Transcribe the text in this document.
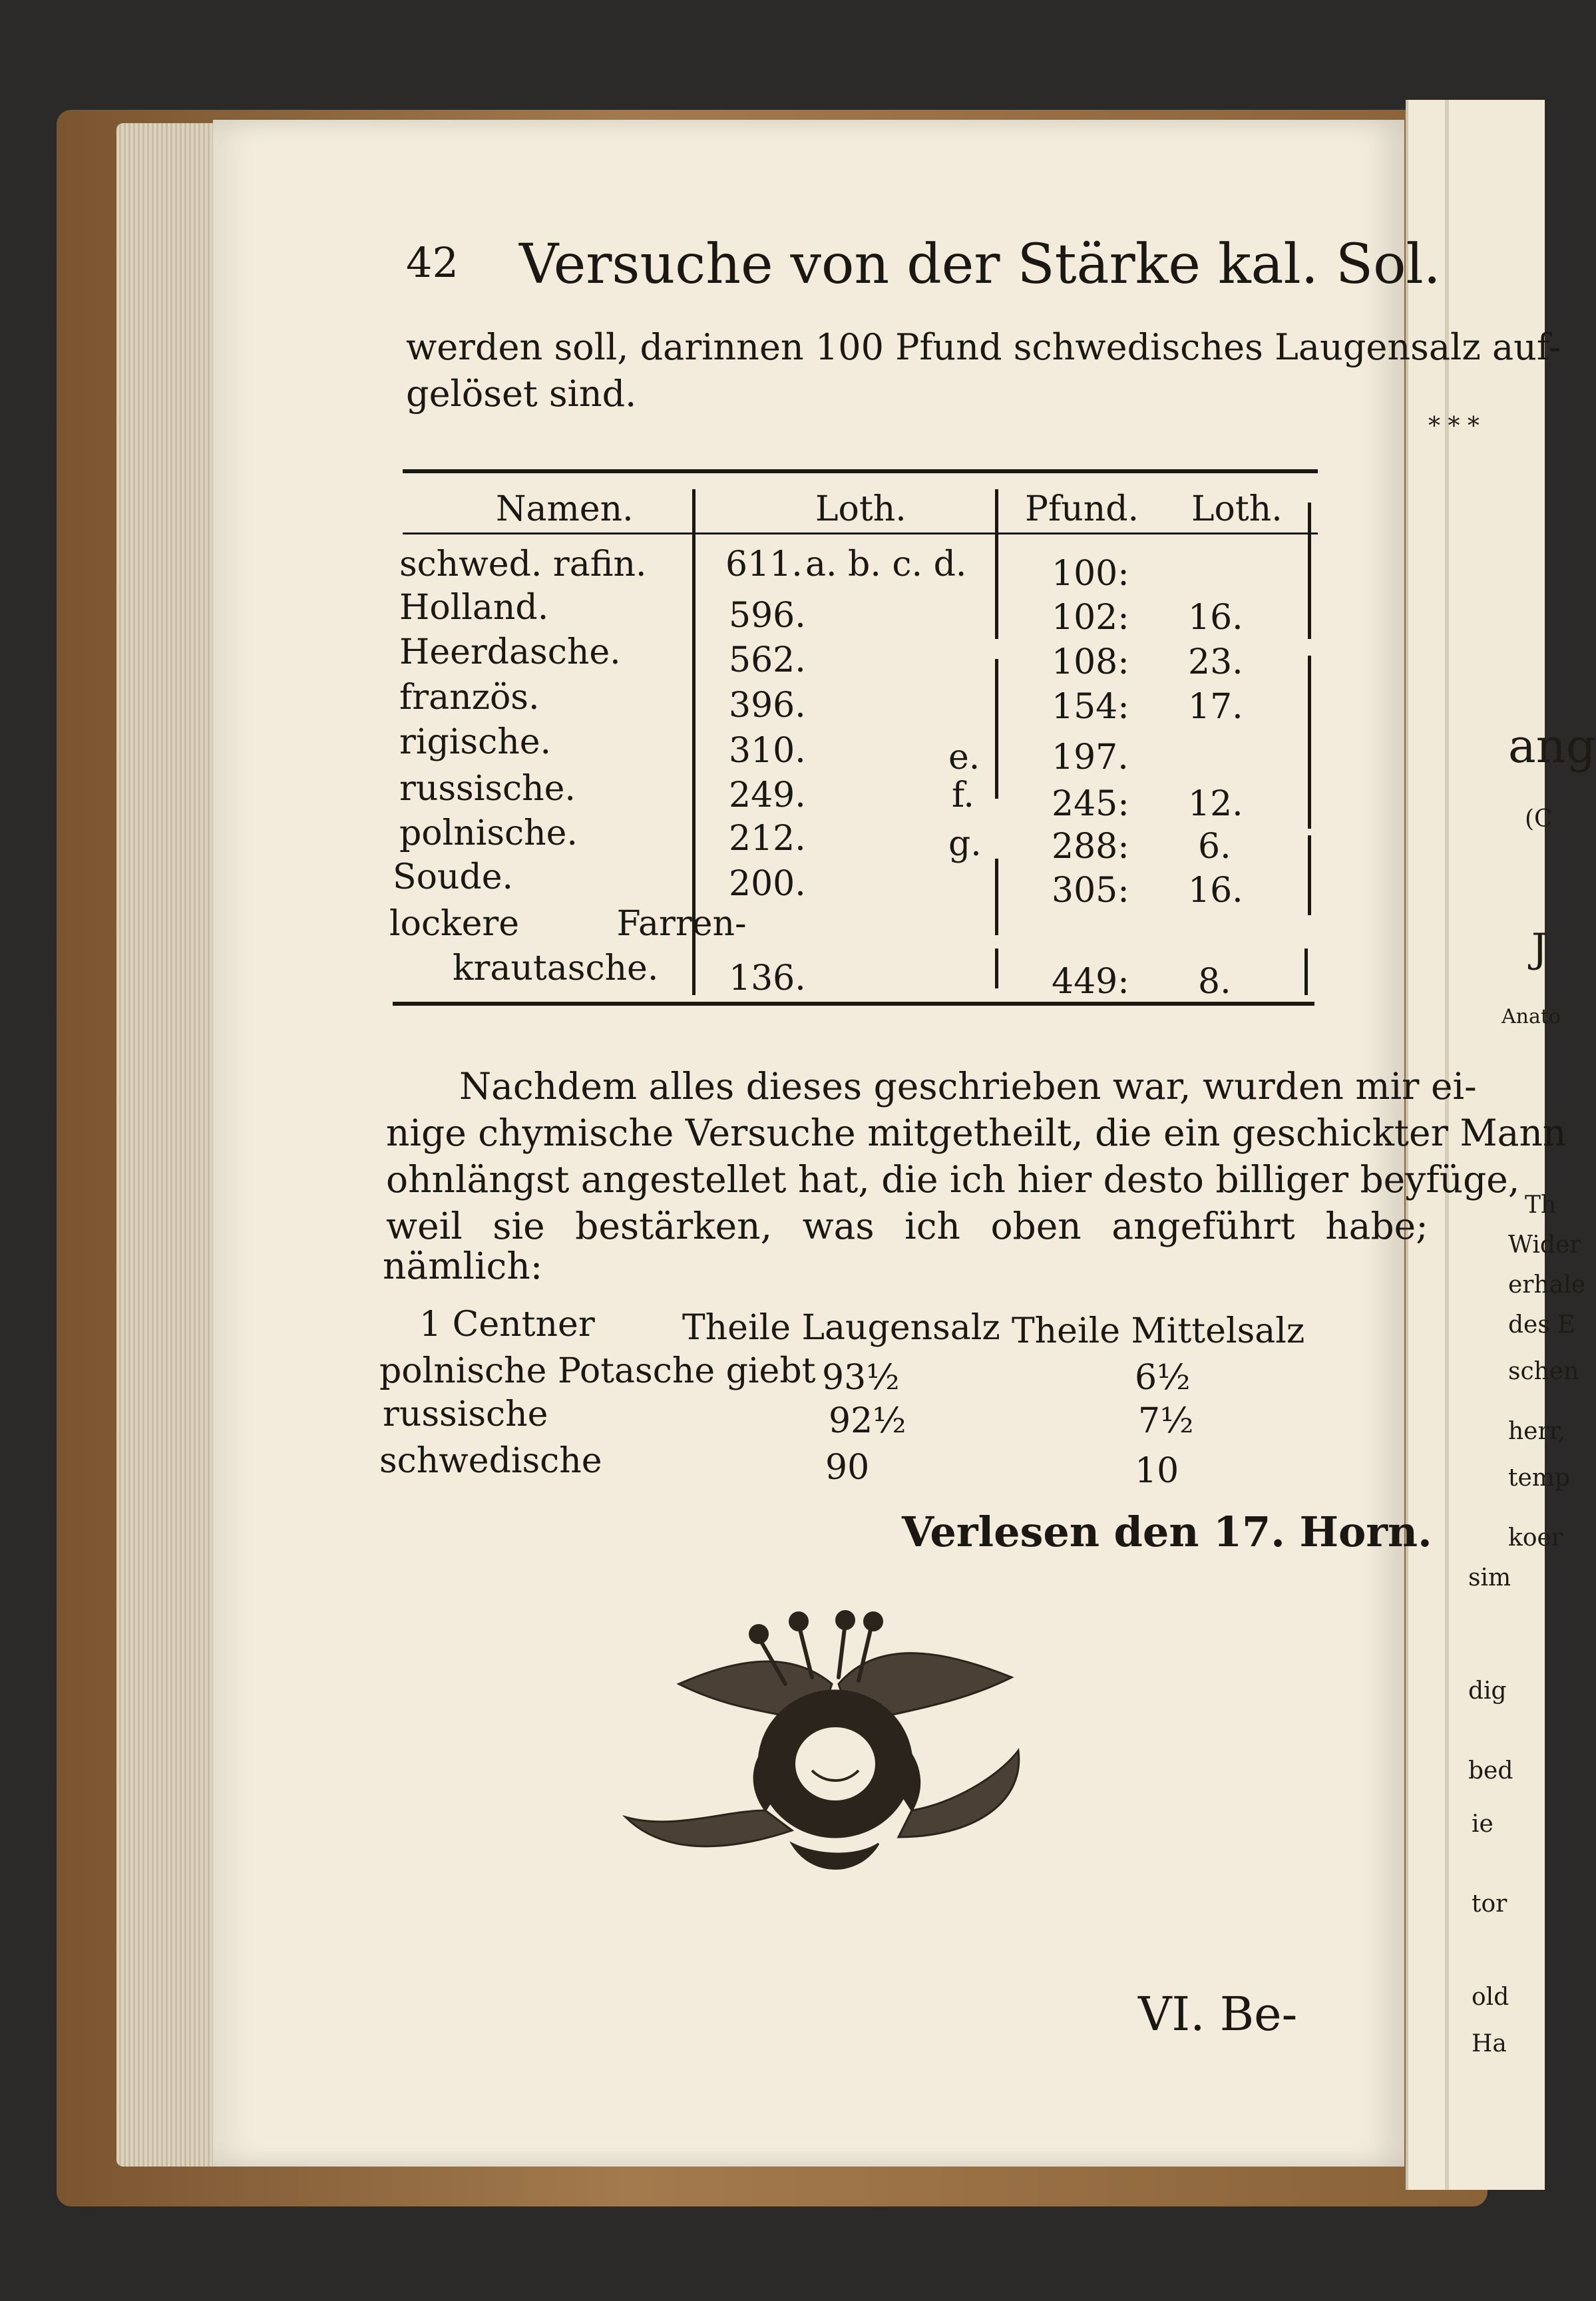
* * *
ang
(C
J
Anato
Th
Wider
erhale
des E
schen
herr,
temp
koer
sim
dig
bed
ie
tor
old
Ha
42 Versuche von der Stärke kal. Sol.
werden soll, darinnen 100 Pfund schwedisches Laugensalz auf-
gelöset sind.
Namen.	Loth.	Pfund. Loth.
schwed. rafin. 611. a. b. c. d. 100:
Holland.	596.	102: 16.
Heerdasche.	562.	108: 23.
französ.	396.	154: 17.
rigische.	310.	e. 197.
russische.	249.	f. 245: 12.
polnische.	212.	g. 288: 6.
Soude.	200.	305: 16.
lockere Farren-
krautasche. 136.	449: 8.
Nachdem alles dieses geschrieben war, wurden mir ei-
nige chymische Versuche mitgetheilt, die ein geschickter Mann
ohnlängst angestellet hat, die ich hier desto billiger beyfüge,
weil sie bestärken, was ich oben angeführt habe;
nämlich:
1 Centner	Theile Laugensalz Theile Mittelsalz
polnische Potasche giebt 93½	6½
russische	92½	7½
schwedische	90	10
Verlesen den 17. Horn.
VI. Be-
